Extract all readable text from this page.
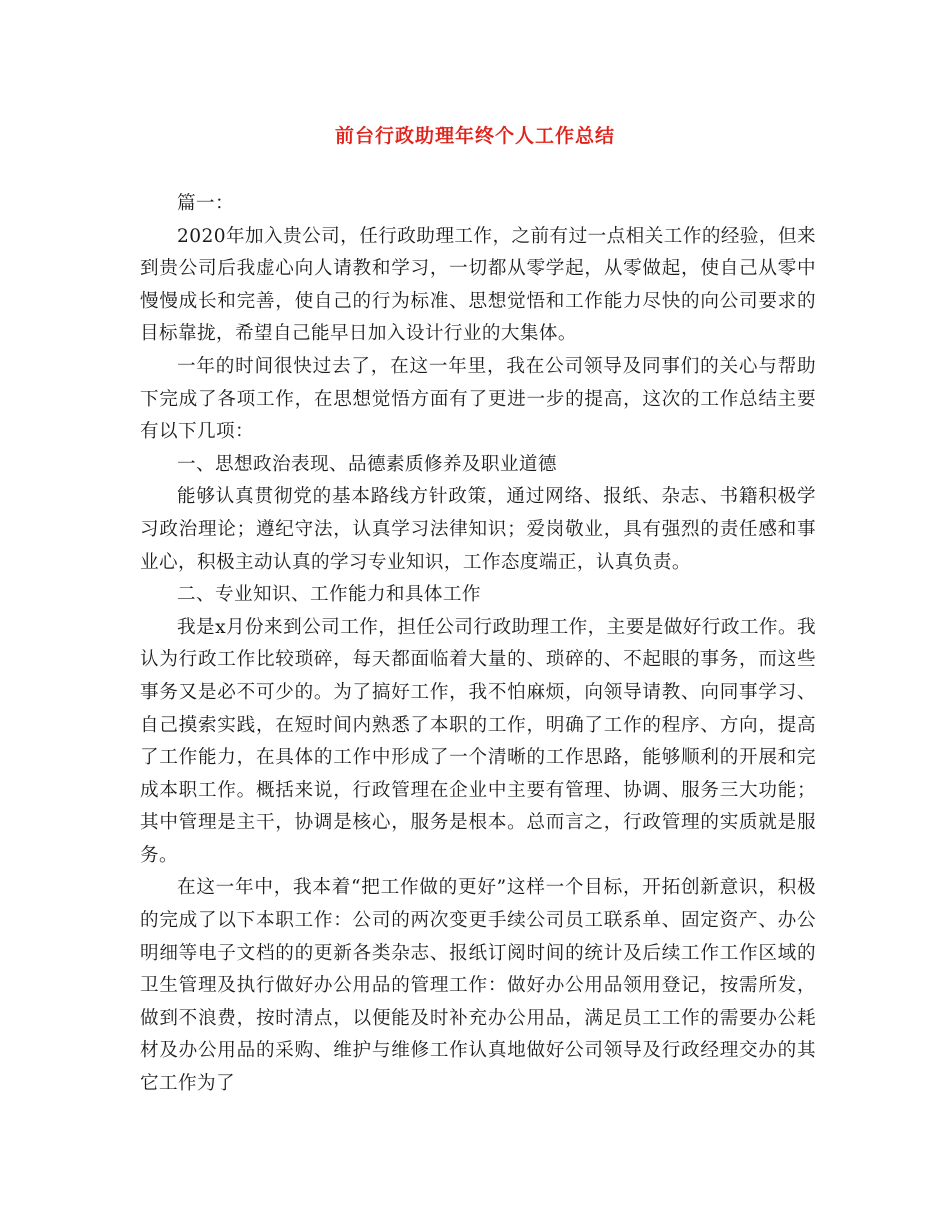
前台行政助理年终个人工作总结

篇一：

2020年加入贵公司，任行政助理工作，之前有过一点相关工作的经验，但来到贵公司后我虚心向人请教和学习，一切都从零学起，从零做起，使自己从零中慢慢成长和完善，使自己的行为标准、思想觉悟和工作能力尽快的向公司要求的目标靠拢，希望自己能早日加入设计行业的大集体。

一年的时间很快过去了，在这一年里，我在公司领导及同事们的关心与帮助下完成了各项工作，在思想觉悟方面有了更进一步的提高，这次的工作总结主要有以下几项：

一、思想政治表现、品德素质修养及职业道德

能够认真贯彻党的基本路线方针政策，通过网络、报纸、杂志、书籍积极学习政治理论；遵纪守法，认真学习法律知识；爱岗敬业，具有强烈的责任感和事业心，积极主动认真的学习专业知识，工作态度端正，认真负责。

二、专业知识、工作能力和具体工作

我是x月份来到公司工作，担任公司行政助理工作，主要是做好行政工作。我认为行政工作比较琐碎，每天都面临着大量的、琐碎的、不起眼的事务，而这些事务又是必不可少的。为了搞好工作，我不怕麻烦，向领导请教、向同事学习、自己摸索实践，在短时间内熟悉了本职的工作，明确了工作的程序、方向，提高了工作能力，在具体的工作中形成了一个清晰的工作思路，能够顺利的开展和完成本职工作。概括来说，行政管理在企业中主要有管理、协调、服务三大功能；其中管理是主干，协调是核心，服务是根本。总而言之，行政管理的实质就是服务。

在这一年中，我本着“把工作做的更好”这样一个目标，开拓创新意识，积极的完成了以下本职工作：公司的两次变更手续公司员工联系单、固定资产、办公明细等电子文档的的更新各类杂志、报纸订阅时间的统计及后续工作工作区域的卫生管理及执行做好办公用品的管理工作：做好办公用品领用登记，按需所发，做到不浪费，按时清点，以便能及时补充办公用品，满足员工工作的需要办公耗材及办公用品的采购、维护与维修工作认真地做好公司领导及行政经理交办的其它工作为了
